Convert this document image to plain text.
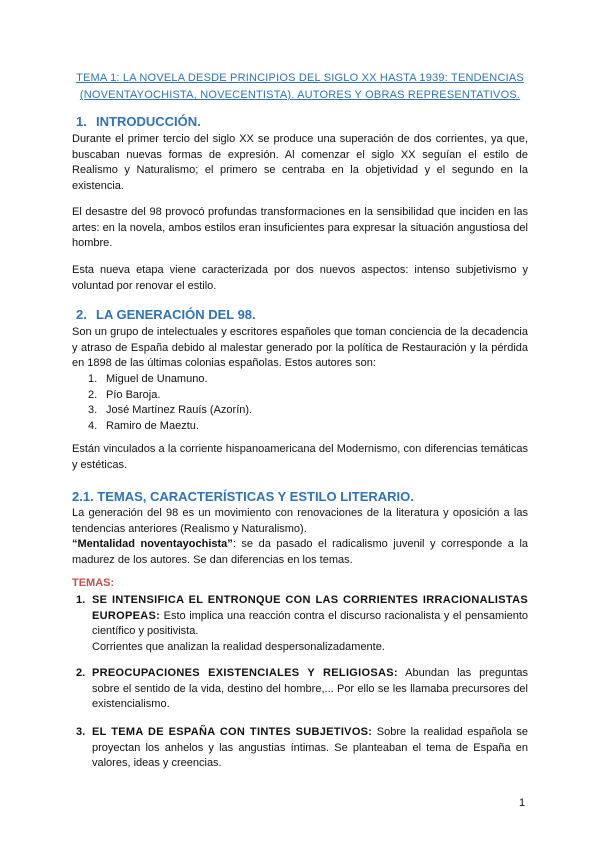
TEMA 1: LA NOVELA DESDE PRINCIPIOS DEL SIGLO XX HASTA 1939: TENDENCIAS
(NOVENTAYOCHISTA, NOVECENTISTA). AUTORES Y OBRAS REPRESENTATIVOS.
1. INTRODUCCIÓN.
Durante el primer tercio del siglo XX se produce una superación de dos corrientes, ya que, buscaban nuevas formas de expresión. Al comenzar el siglo XX seguían el estilo de Realismo y Naturalismo; el primero se centraba en la objetividad y el segundo en la existencia.
El desastre del 98 provocó profundas transformaciones en la sensibilidad que inciden en las artes: en la novela, ambos estilos eran insuficientes para expresar la situación angustiosa del hombre.
Esta nueva etapa viene caracterizada por dos nuevos aspectos: intenso subjetivismo y voluntad por renovar el estilo.
2. LA GENERACIÓN DEL 98.
Son un grupo de intelectuales y escritores españoles que toman conciencia de la decadencia y atraso de España debido al malestar generado por la política de Restauración y la pérdida en 1898 de las últimas colonias españolas. Estos autores son:
1. Miguel de Unamuno.
2. Pío Baroja.
3. José Martínez Rauís (Azorín).
4. Ramiro de Maeztu.
Están vinculados a la corriente hispanoamericana del Modernismo, con diferencias temáticas y estéticas.
2.1. TEMAS, CARACTERÍSTICAS Y ESTILO LITERARIO.
La generación del 98 es un movimiento con renovaciones de la literatura y oposición a las tendencias anteriores (Realismo y Naturalismo).
“Mentalidad noventayochista”: se da pasado el radicalismo juvenil y corresponde a la madurez de los autores. Se dan diferencias en los temas.
TEMAS:
1. SE INTENSIFICA EL ENTRONQUE CON LAS CORRIENTES IRRACIONALISTAS EUROPEAS: Esto implica una reacción contra el discurso racionalista y el pensamiento científico y positivista.
Corrientes que analizan la realidad despersonalizadamente.
2. PREOCUPACIONES EXISTENCIALES Y RELIGIOSAS: Abundan las preguntas sobre el sentido de la vida, destino del hombre,... Por ello se les llamaba precursores del existencialismo.
3. EL TEMA DE ESPAÑA CON TINTES SUBJETIVOS: Sobre la realidad española se proyectan los anhelos y las angustias íntimas. Se planteaban el tema de España en valores, ideas y creencias.
1
